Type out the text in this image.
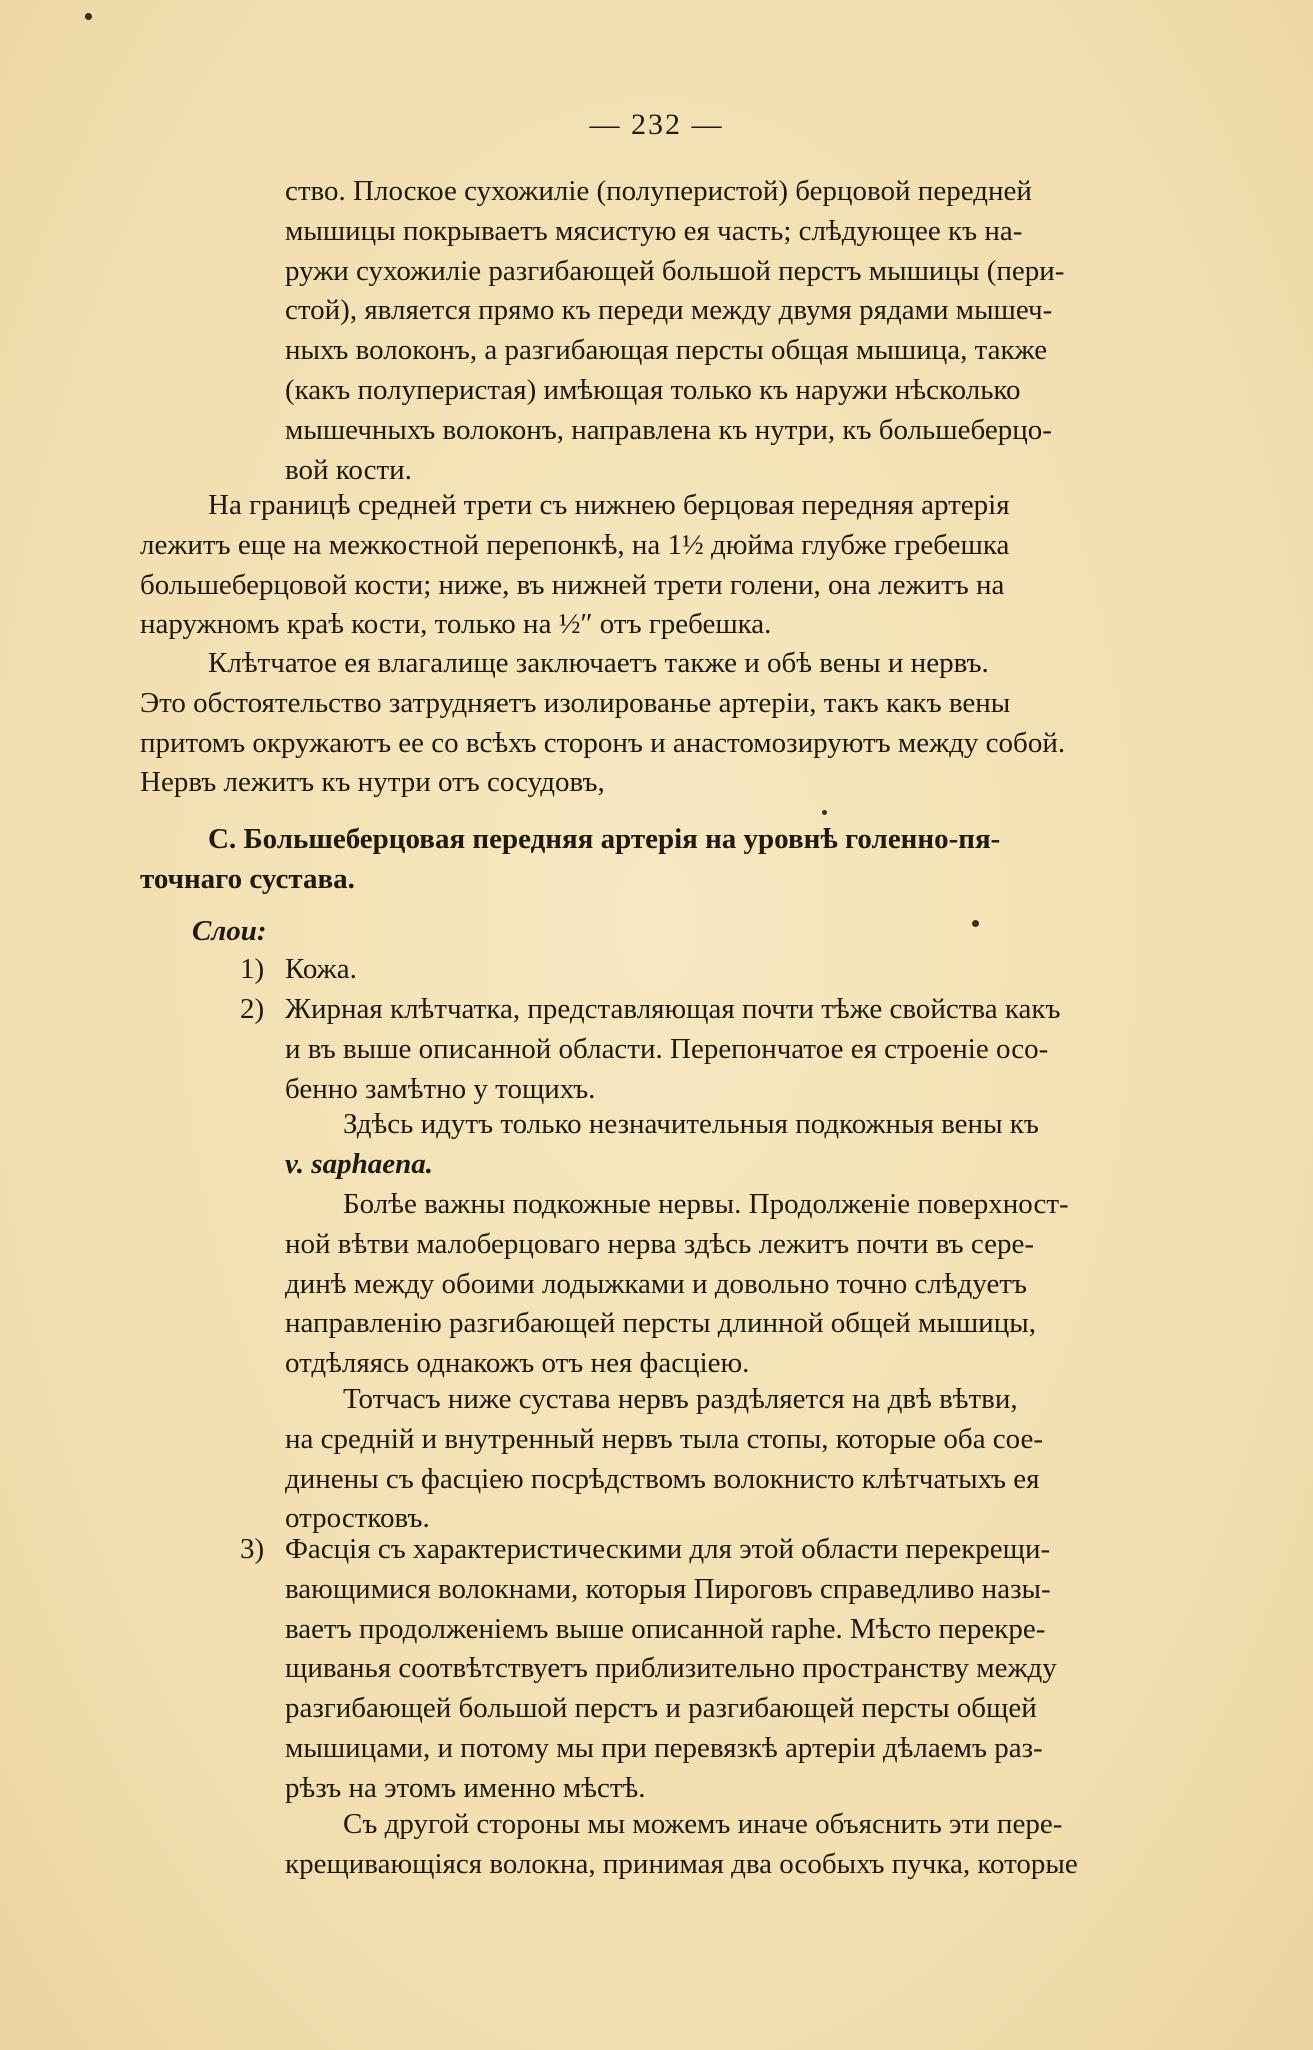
— 232 —
ство. Плоское сухожиліе (полуперистой) берцовой передней
мышицы покрываетъ мясистую ея часть; слѣдующее къ на-
ружи сухожиліе разгибающей большой перстъ мышицы (пери-
стой), является прямо къ переди между двумя рядами мышеч-
ныхъ волоконъ, а разгибающая персты общая мышица, также
(какъ полуперистая) имѣющая только къ наружи нѣсколько
мышечныхъ волоконъ, направлена къ нутри, къ большеберцо-
вой кости.
На границѣ средней трети съ нижнею берцовая передняя артерія
лежитъ еще на межкостной перепонкѣ, на 1½ дюйма глубже гребешка
большеберцовой кости; ниже, въ нижней трети голени, она лежитъ на
наружномъ краѣ кости, только на ½″ отъ гребешка.
Клѣтчатое ея влагалище заключаетъ также и обѣ вены и нервъ.
Это обстоятельство затрудняетъ изолированье артеріи, такъ какъ вены
притомъ окружаютъ ее со всѣхъ сторонъ и анастомозируютъ между собой.
Нервъ лежитъ къ нутри отъ сосудовъ,
C. Большеберцовая передняя артерія на уровнѣ голенно-пя-
точнаго сустава.
Слои:
1) Кожа.
2) Жирная клѣтчатка, представляющая почти тѣже свойства какъ
и въ выше описанной области. Перепончатое ея строеніе осо-
бенно замѣтно у тощихъ.
Здѣсь идутъ только незначительныя подкожныя вены къ
v. saphaena.
Болѣе важны подкожные нервы. Продолженіе поверхност-
ной вѣтви малоберцоваго нерва здѣсь лежитъ почти въ сере-
динѣ между обоими лодыжками и довольно точно слѣдуетъ
направленію разгибающей персты длинной общей мышицы,
отдѣляясь однакожъ отъ нея фасціею.
Тотчасъ ниже сустава нервъ раздѣляется на двѣ вѣтви,
на средній и внутренный нервъ тыла стопы, которые оба сое-
динены съ фасціею посрѣдствомъ волокнисто клѣтчатыхъ ея
отростковъ.
3) Фасція съ характеристическими для этой области перекрещи-
вающимися волокнами, которыя Пироговъ справедливо назы-
ваетъ продолженіемъ выше описанной raphe. Мѣсто перекре-
щиванья соотвѣтствуетъ приблизительно пространству между
разгибающей большой перстъ и разгибающей персты общей
мышицами, и потому мы при перевязкѣ артеріи дѣлаемъ раз-
рѣзъ на этомъ именно мѣстѣ.
Съ другой стороны мы можемъ иначе объяснить эти пере-
крещивающіяся волокна, принимая два особыхъ пучка, которые
